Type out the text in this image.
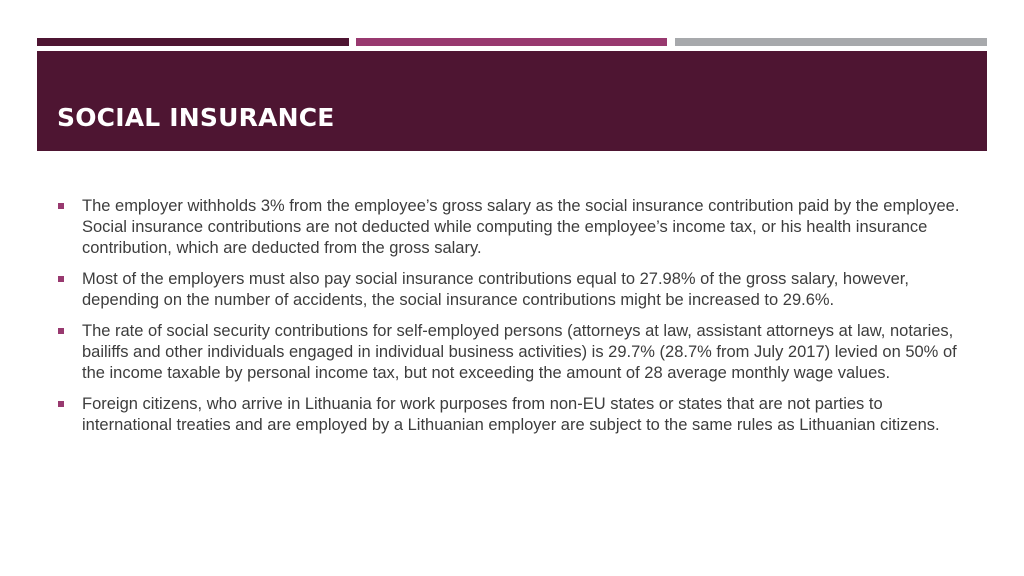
SOCIAL INSURANCE
The employer withholds 3% from the employee’s gross salary as the social insurance contribution paid by the employee. Social insurance contributions are not deducted while computing the employee’s income tax, or his health insurance contribution, which are deducted from the gross salary.
Most of the employers must also pay social insurance contributions equal to 27.98% of the gross salary, however, depending on the number of accidents, the social insurance contributions might be increased to 29.6%.
The rate of social security contributions for self-employed persons (attorneys at law, assistant attorneys at law, notaries, bailiffs and other individuals engaged in individual business activities) is 29.7% (28.7% from July 2017) levied on 50% of the income taxable by personal income tax, but not exceeding the amount of 28 average monthly wage values.
Foreign citizens, who arrive in Lithuania for work purposes from non-EU states or states that are not parties to international treaties and are employed by a Lithuanian employer are subject to the same rules as Lithuanian citizens.
